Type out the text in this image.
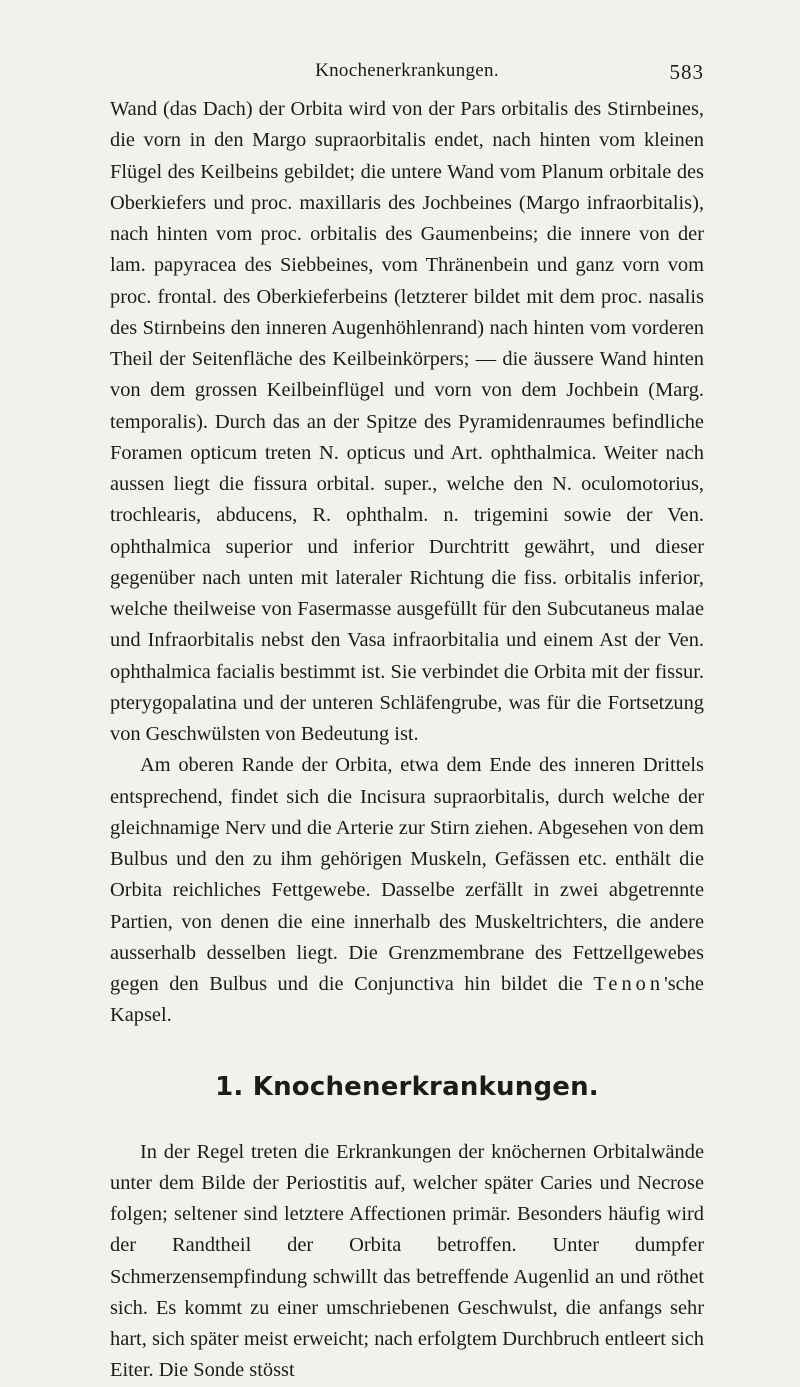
Knochenerkrankungen.	583

Wand (das Dach) der Orbita wird von der Pars orbitalis des Stirnbeines, die vorn in den Margo supraorbitalis endet, nach hinten vom kleinen Flügel des Keilbeins gebildet; die untere Wand vom Planum orbitale des Oberkiefers und proc. maxillaris des Jochbeines (Margo infraorbitalis), nach hinten vom proc. orbitalis des Gaumenbeins; die innere von der lam. papyracea des Siebbeines, vom Thränenbein und ganz vorn vom proc. frontal. des Oberkieferbeins (letzterer bildet mit dem proc. nasalis des Stirnbeins den inneren Augenhöhlenrand) nach hinten vom vorderen Theil der Seitenfläche des Keilbeinkörpers; — die äussere Wand hinten von dem grossen Keilbeinflügel und vorn von dem Jochbein (Marg. temporalis). Durch das an der Spitze des Pyramidenraumes befindliche Foramen opticum treten N. opticus und Art. ophthalmica. Weiter nach aussen liegt die fissura orbital. super., welche den N. oculomotorius, trochlearis, abducens, R. ophthalm. n. trigemini sowie der Ven. ophthalmica superior und inferior Durchtritt gewährt, und dieser gegenüber nach unten mit lateraler Richtung die fiss. orbitalis inferior, welche theilweise von Fasermasse ausgefüllt für den Subcutaneus malae und Infraorbitalis nebst den Vasa infraorbitalia und einem Ast der Ven. ophthalmica facialis bestimmt ist. Sie verbindet die Orbita mit der fissur. pterygopalatina und der unteren Schläfengrube, was für die Fortsetzung von Geschwülsten von Bedeutung ist.

Am oberen Rande der Orbita, etwa dem Ende des inneren Drittels entsprechend, findet sich die Incisura supraorbitalis, durch welche der gleichnamige Nerv und die Arterie zur Stirn ziehen. Abgesehen von dem Bulbus und den zu ihm gehörigen Muskeln, Gefässen etc. enthält die Orbita reichliches Fettgewebe. Dasselbe zerfällt in zwei abgetrennte Partien, von denen die eine innerhalb des Muskeltrichters, die andere ausserhalb desselben liegt. Die Grenzmembrane des Fettzellgewebes gegen den Bulbus und die Conjunctiva hin bildet die Tenon'sche Kapsel.

1. Knochenerkrankungen.

In der Regel treten die Erkrankungen der knöchernen Orbitalwände unter dem Bilde der Periostitis auf, welcher später Caries und Necrose folgen; seltener sind letztere Affectionen primär. Besonders häufig wird der Randtheil der Orbita betroffen. Unter dumpfer Schmerzensempfindung schwillt das betreffende Augenlid an und röthet sich. Es kommt zu einer umschriebenen Geschwulst, die anfangs sehr hart, sich später meist erweicht; nach erfolgtem Durchbruch entleert sich Eiter. Die Sonde stösst
